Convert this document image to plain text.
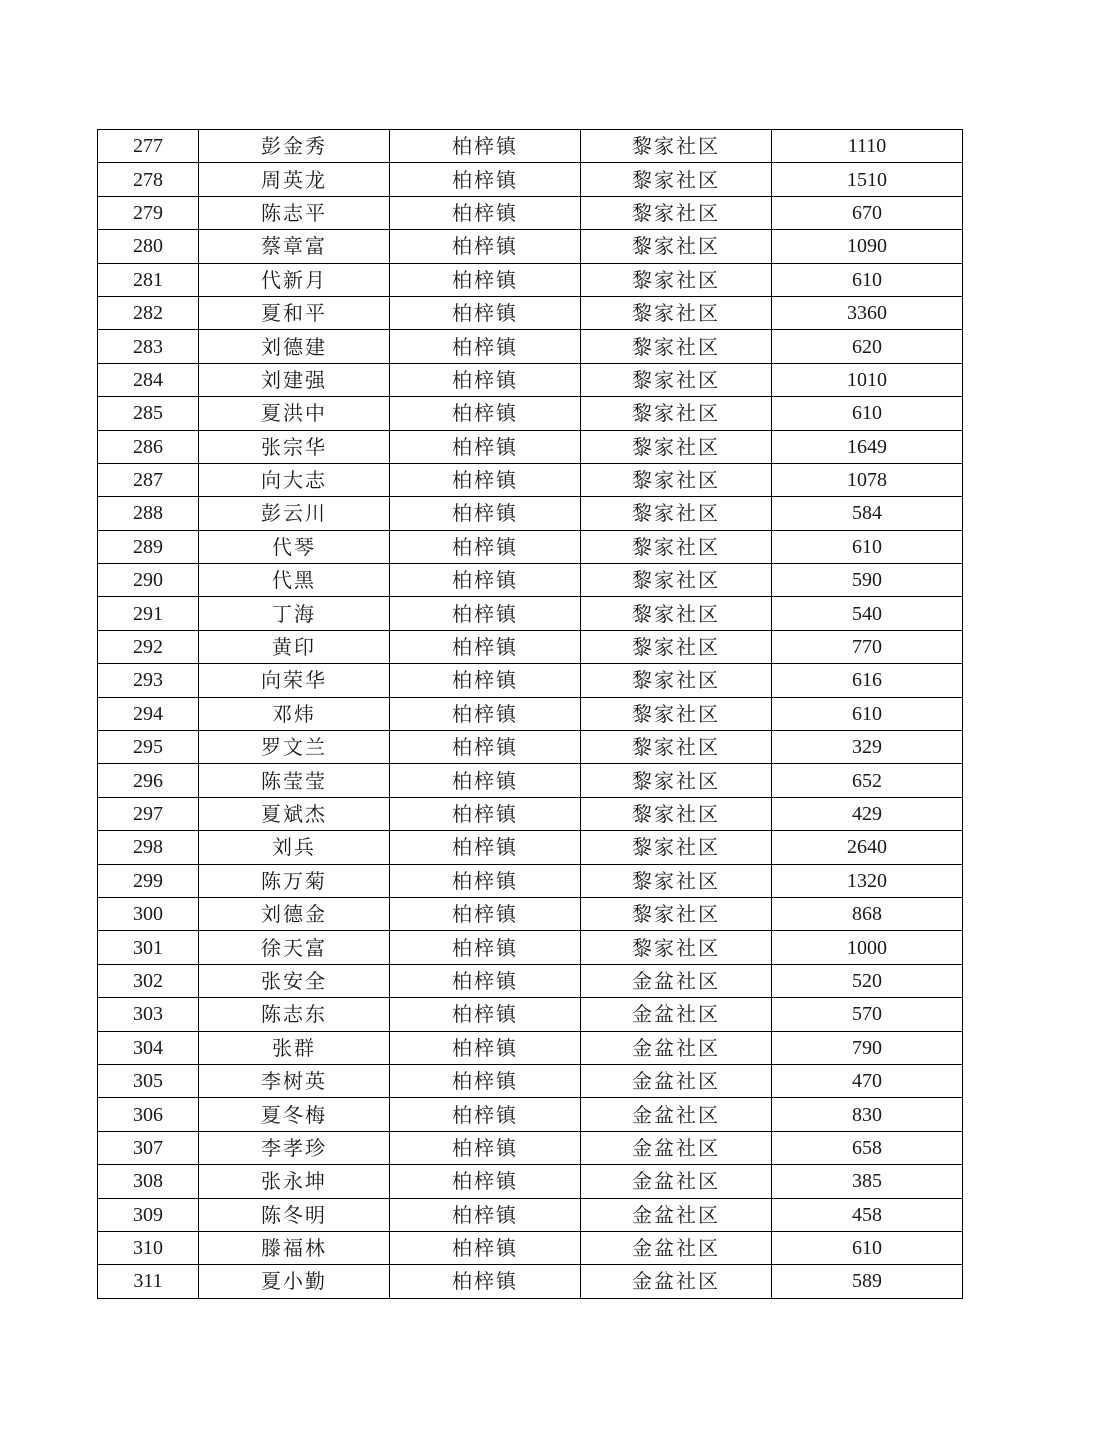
277	彭金秀	柏梓镇	黎家社区	1110
278	周英龙	柏梓镇	黎家社区	1510
279	陈志平	柏梓镇	黎家社区	670
280	蔡章富	柏梓镇	黎家社区	1090
281	代新月	柏梓镇	黎家社区	610
282	夏和平	柏梓镇	黎家社区	3360
283	刘德建	柏梓镇	黎家社区	620
284	刘建强	柏梓镇	黎家社区	1010
285	夏洪中	柏梓镇	黎家社区	610
286	张宗华	柏梓镇	黎家社区	1649
287	向大志	柏梓镇	黎家社区	1078
288	彭云川	柏梓镇	黎家社区	584
289	代琴	柏梓镇	黎家社区	610
290	代黑	柏梓镇	黎家社区	590
291	丁海	柏梓镇	黎家社区	540
292	黄印	柏梓镇	黎家社区	770
293	向荣华	柏梓镇	黎家社区	616
294	邓炜	柏梓镇	黎家社区	610
295	罗文兰	柏梓镇	黎家社区	329
296	陈莹莹	柏梓镇	黎家社区	652
297	夏斌杰	柏梓镇	黎家社区	429
298	刘兵	柏梓镇	黎家社区	2640
299	陈万菊	柏梓镇	黎家社区	1320
300	刘德金	柏梓镇	黎家社区	868
301	徐天富	柏梓镇	黎家社区	1000
302	张安全	柏梓镇	金盆社区	520
303	陈志东	柏梓镇	金盆社区	570
304	张群	柏梓镇	金盆社区	790
305	李树英	柏梓镇	金盆社区	470
306	夏冬梅	柏梓镇	金盆社区	830
307	李孝珍	柏梓镇	金盆社区	658
308	张永坤	柏梓镇	金盆社区	385
309	陈冬明	柏梓镇	金盆社区	458
310	滕福林	柏梓镇	金盆社区	610
311	夏小勤	柏梓镇	金盆社区	589
